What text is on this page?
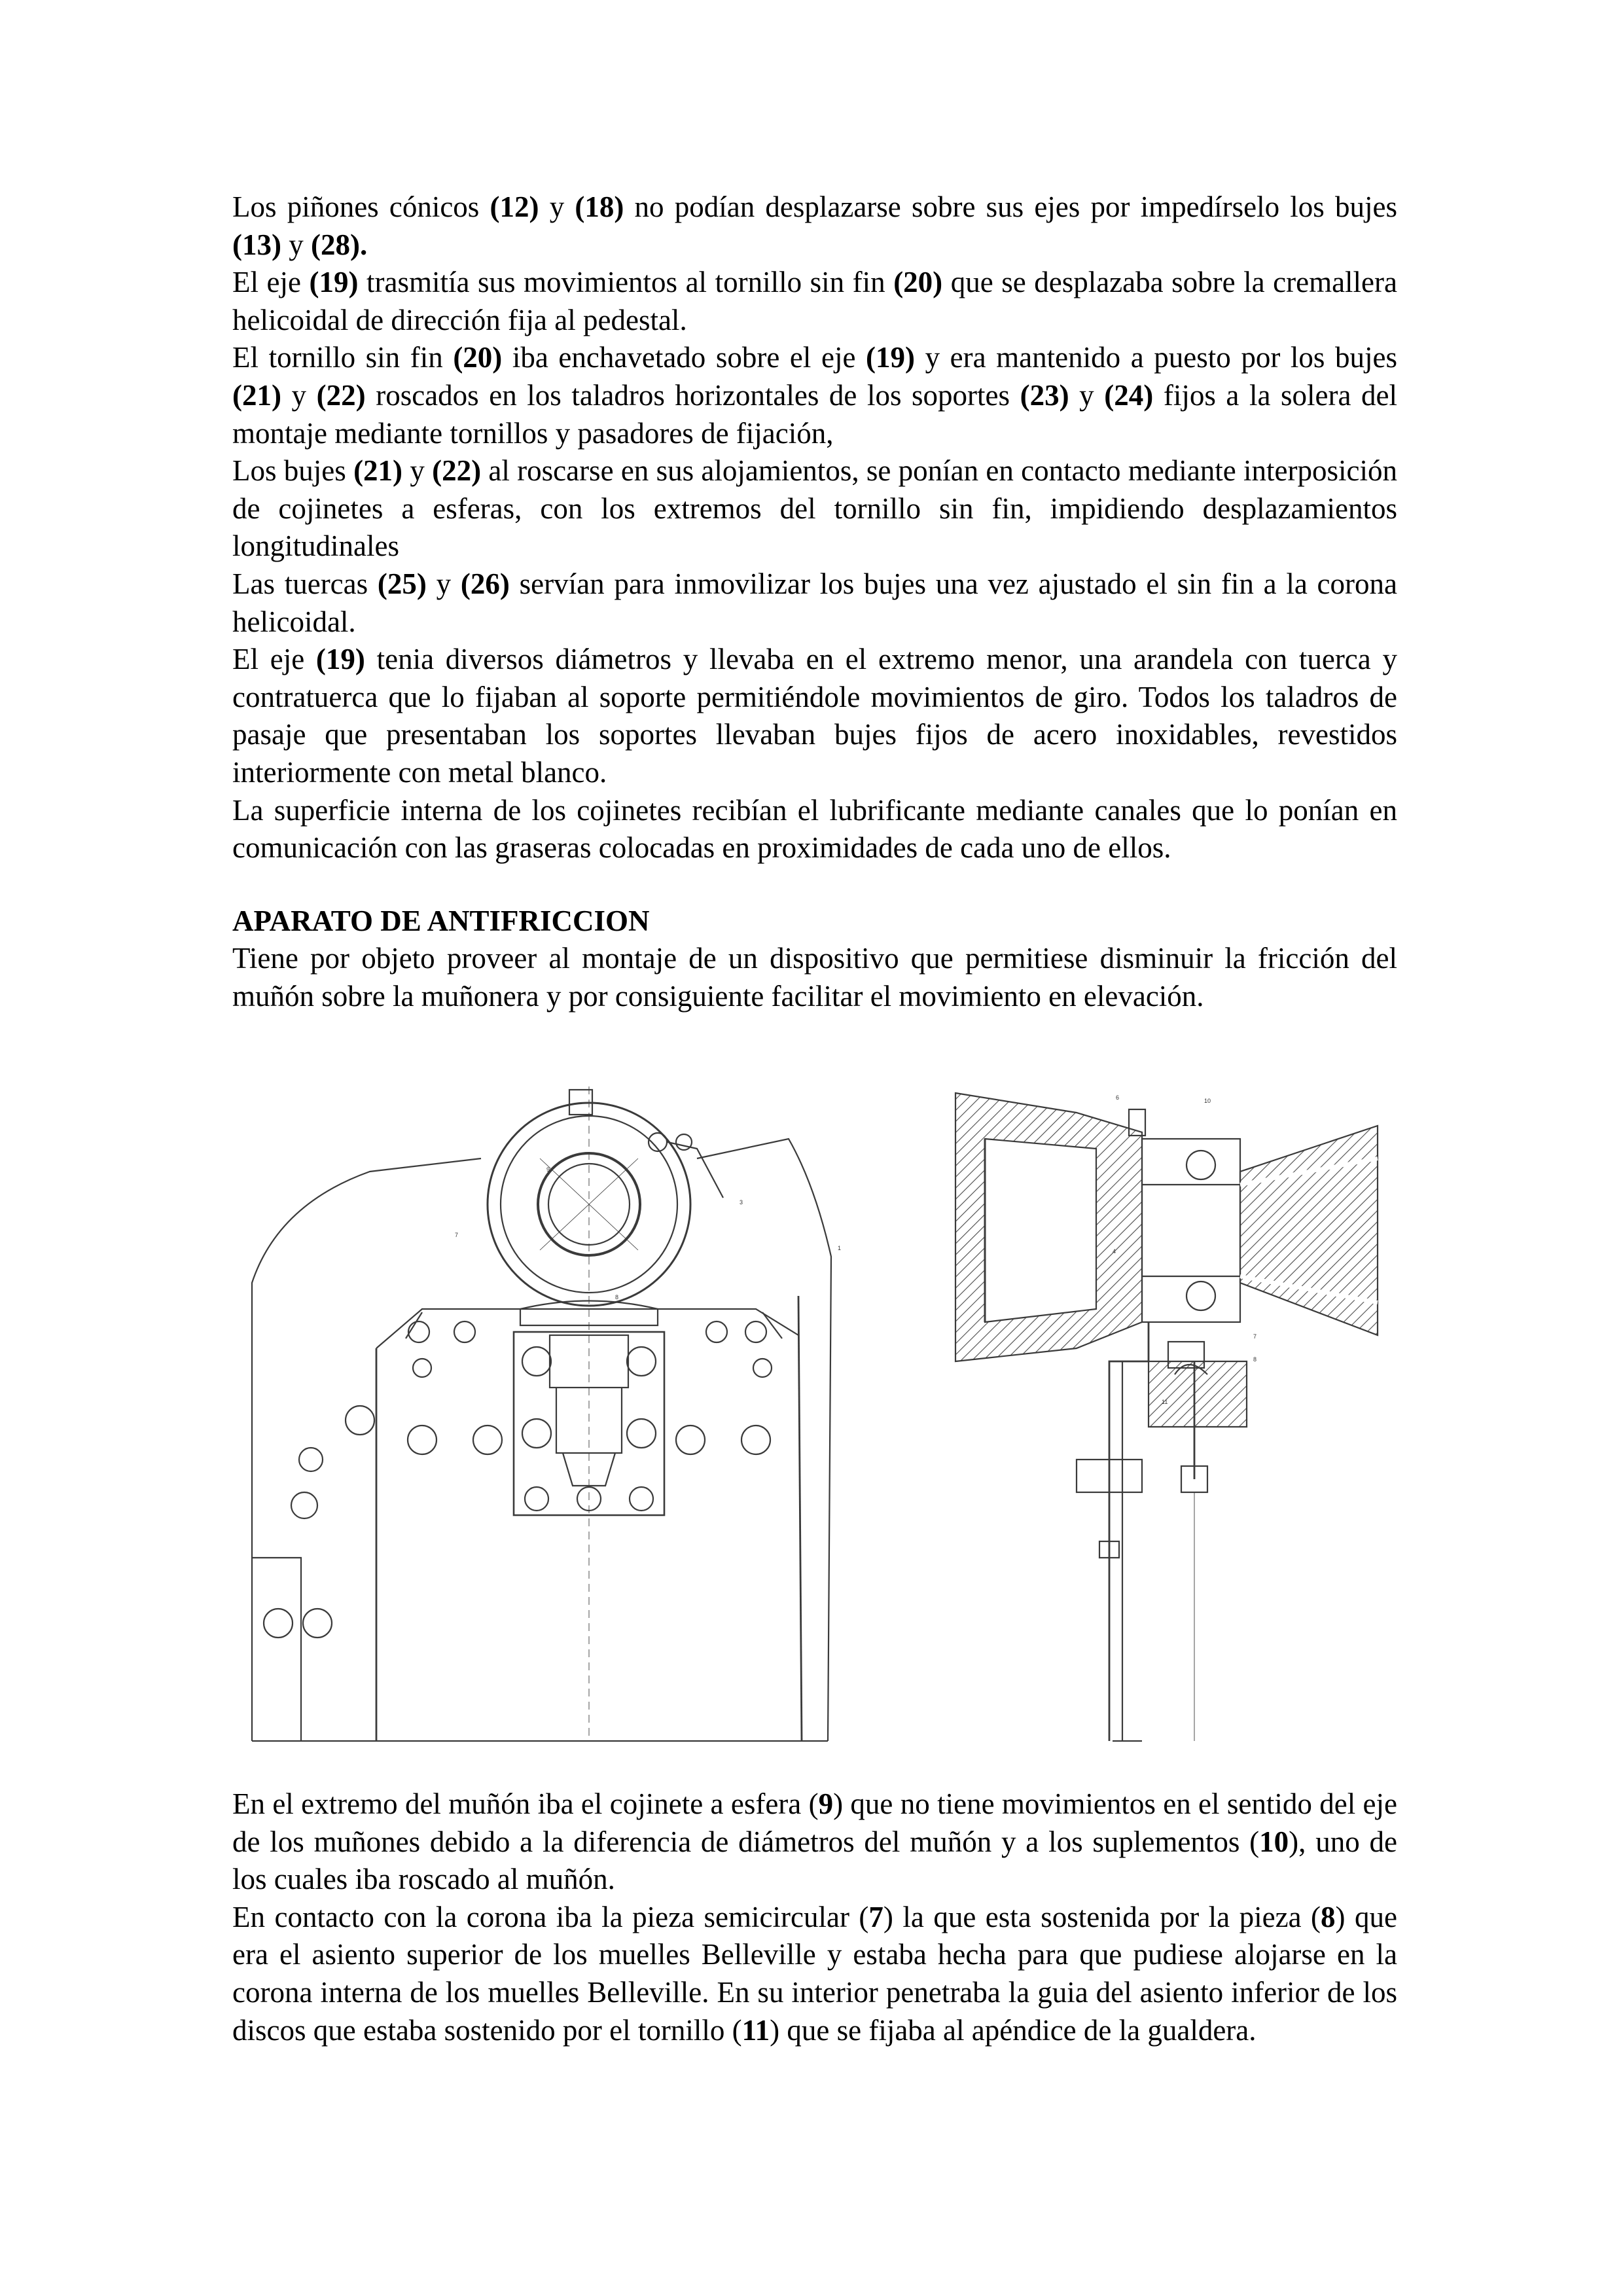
Los piñones cónicos (12) y (18) no podían desplazarse sobre sus ejes por impedírselo los bujes (13) y (28).

El eje (19) trasmitía sus movimientos al tornillo sin fin (20) que se desplazaba sobre la cremallera helicoidal de dirección fija al pedestal.

El tornillo sin fin (20) iba enchavetado sobre el eje (19) y era mantenido a puesto por los bujes (21) y (22) roscados en los taladros horizontales de los soportes (23) y (24) fijos a la solera del montaje mediante tornillos y pasadores de fijación,

Los bujes (21) y (22) al roscarse en sus alojamientos, se ponían en contacto mediante interposición de cojinetes a esferas, con los extremos del tornillo sin fin, impidiendo desplazamientos longitudinales

Las tuercas (25) y (26) servían para inmovilizar los bujes una vez ajustado el sin fin a la corona helicoidal.

El eje (19) tenia diversos diámetros y llevaba en el extremo menor, una arandela con tuerca y contratuerca que lo fijaban al soporte permitiéndole movimientos de giro. Todos los taladros de pasaje que presentaban los soportes llevaban bujes fijos de acero inoxidables, revestidos interiormente con metal blanco.

La superficie interna de los cojinetes recibían el lubrificante mediante canales que lo ponían en comunicación con las graseras colocadas en proximidades de cada uno de ellos.

APARATO DE ANTIFRICCION

Tiene por objeto proveer al montaje de un dispositivo que permitiese disminuir la fricción del muñón sobre la muñonera y por consiguiente facilitar el movimiento en elevación.

9
3
7
8
1
6	10
4
7
8
11

En el extremo del muñón iba el cojinete a esfera (9) que no tiene movimientos en el sentido del eje de los muñones debido a la diferencia de diámetros del muñón y a los suplementos (10), uno de los cuales iba roscado al muñón.

En contacto con la corona iba la pieza semicircular (7) la que esta sostenida por la pieza (8) que era el asiento superior de los muelles Belleville y estaba hecha para que pudiese alojarse en la corona interna de los muelles Belleville. En su interior penetraba la guia del asiento inferior de los discos que estaba sostenido por el tornillo (11) que se fijaba al apéndice de la gualdera.
